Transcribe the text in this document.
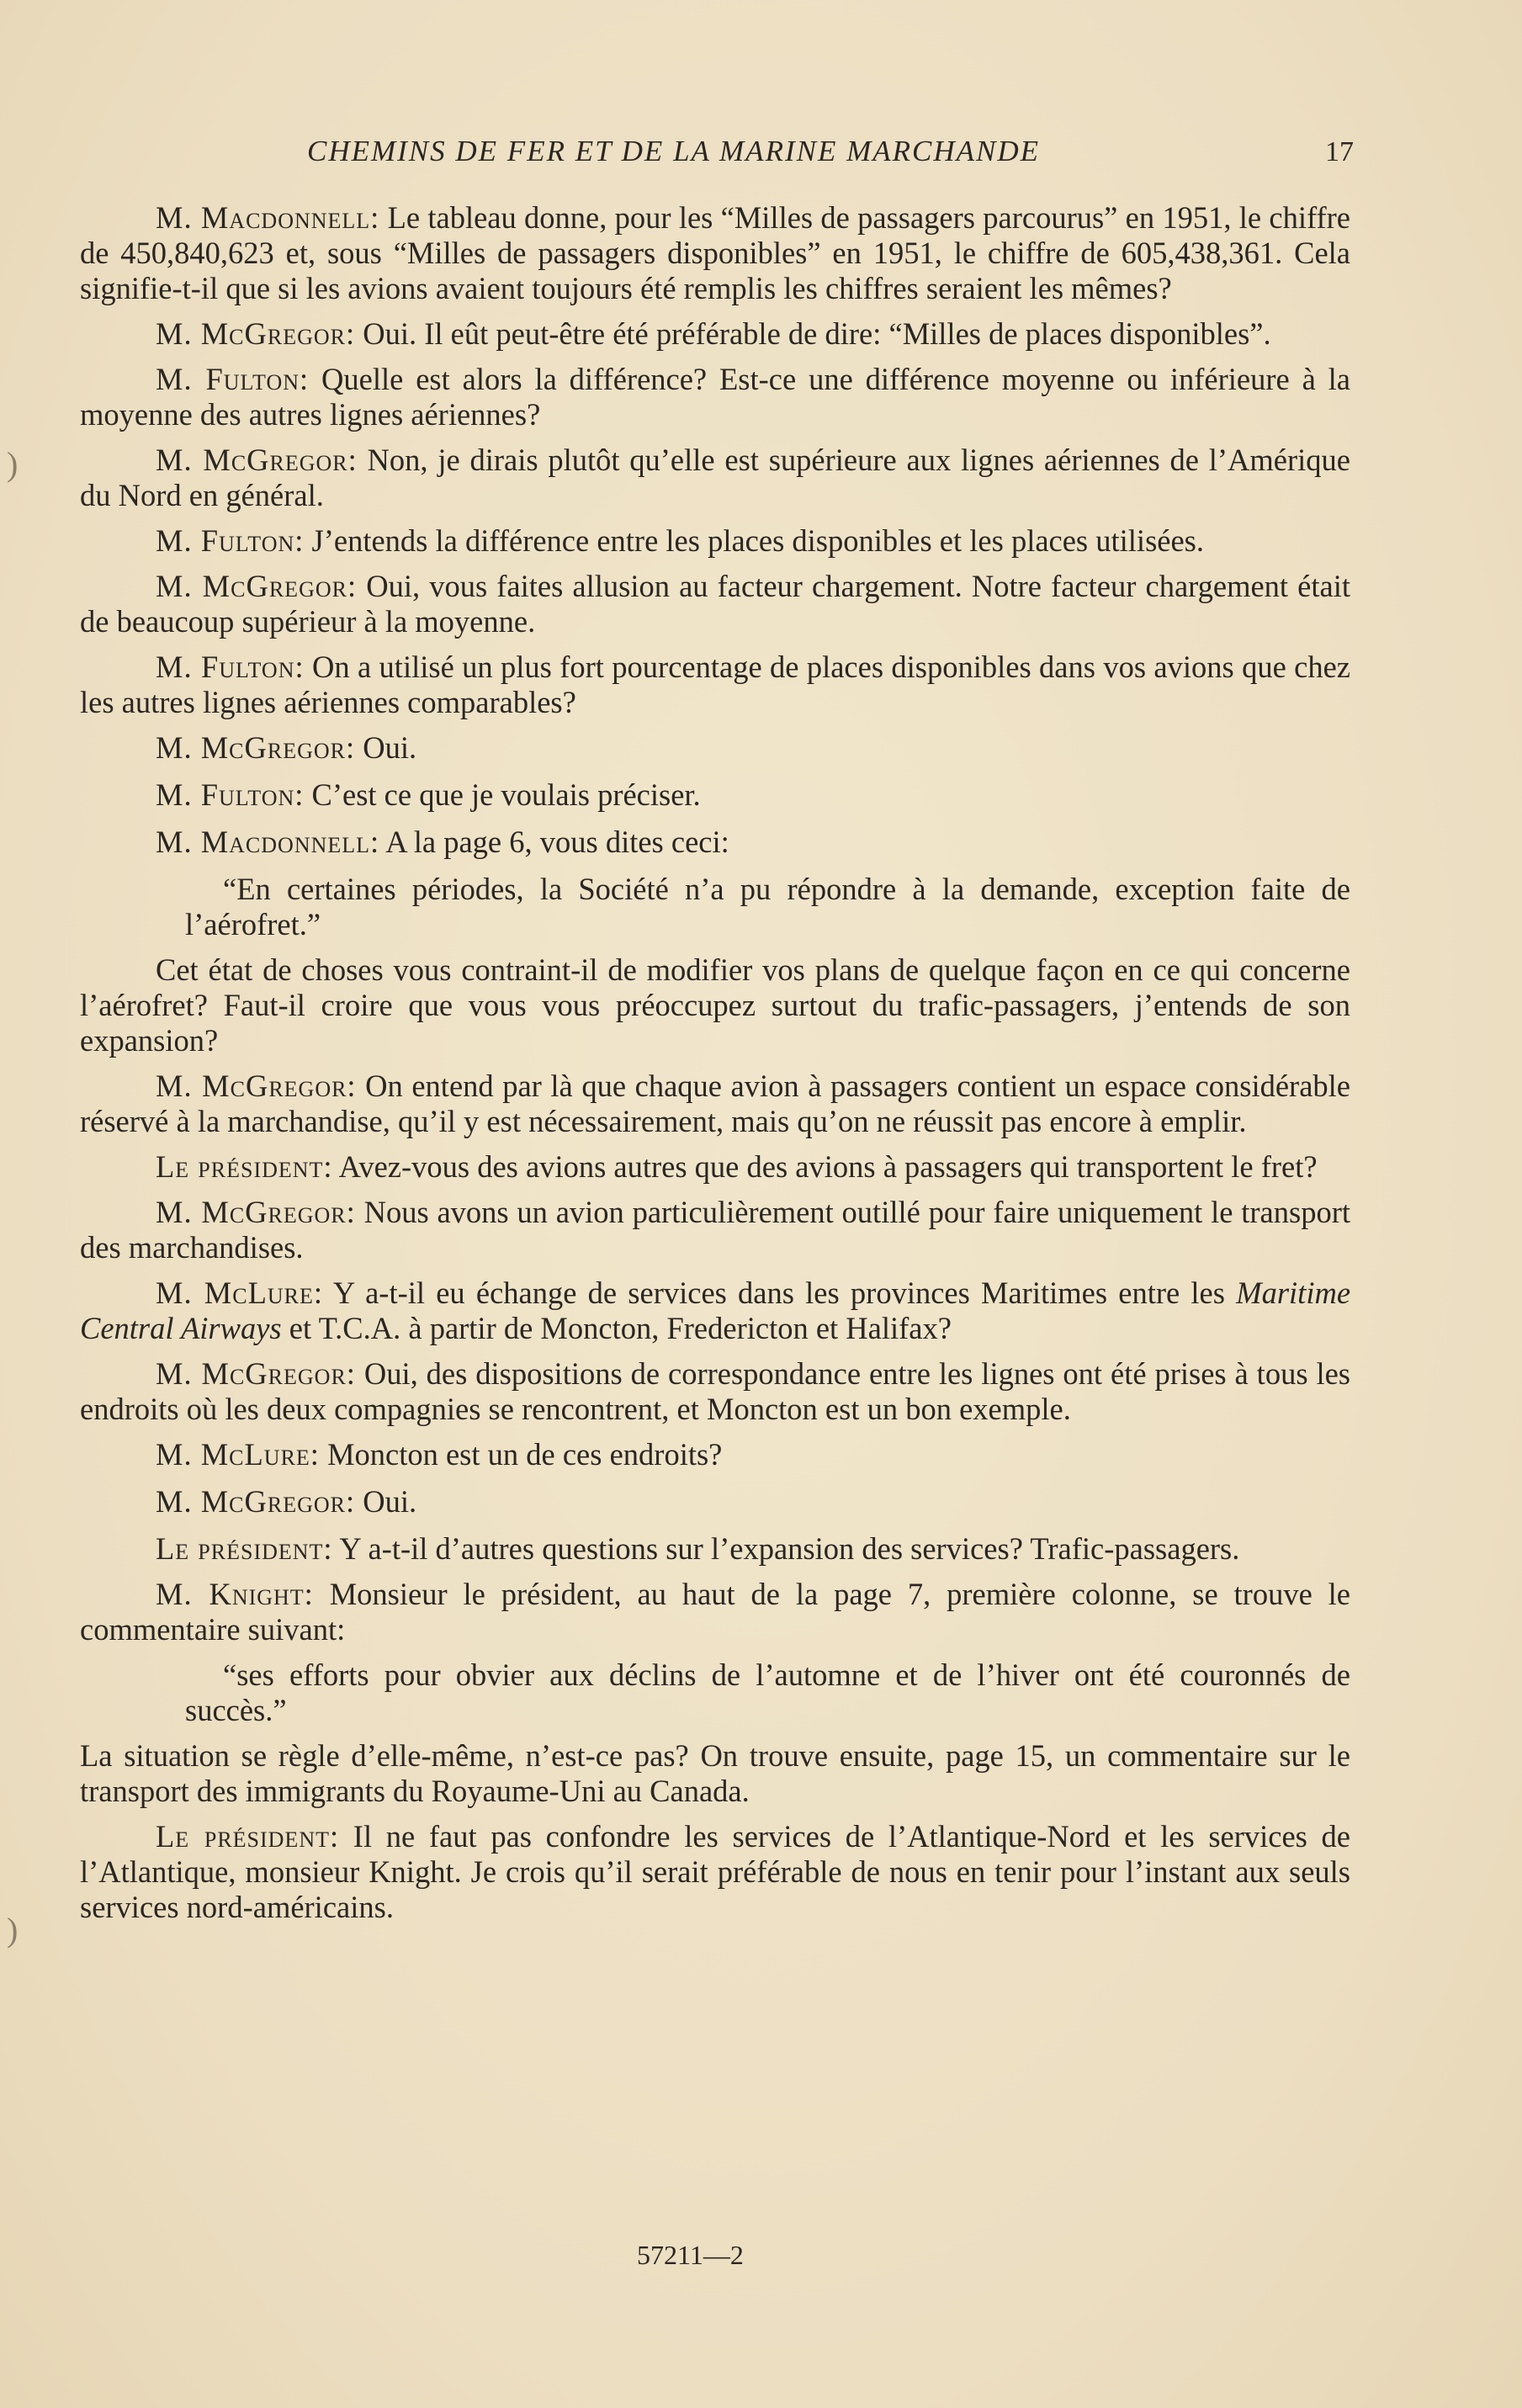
CHEMINS DE FER ET DE LA MARINE MARCHANDE	17
)
)

M. Macdonnell: Le tableau donne, pour les “Milles de passagers parcourus” en 1951, le chiffre de 450,840,623 et, sous “Milles de passagers disponibles” en 1951, le chiffre de 605,438,361. Cela signifie-t-il que si les avions avaient toujours été remplis les chiffres seraient les mêmes?

M. McGregor: Oui. Il eût peut-être été préférable de dire: “Milles de places disponibles”.

M. Fulton: Quelle est alors la différence? Est-ce une différence moyenne ou inférieure à la moyenne des autres lignes aériennes?

M. McGregor: Non, je dirais plutôt qu’elle est supérieure aux lignes aériennes de l’Amérique du Nord en général.

M. Fulton: J’entends la différence entre les places disponibles et les places utilisées.

M. McGregor: Oui, vous faites allusion au facteur chargement. Notre facteur chargement était de beaucoup supérieur à la moyenne.

M. Fulton: On a utilisé un plus fort pourcentage de places disponibles dans vos avions que chez les autres lignes aériennes comparables?

M. McGregor: Oui.

M. Fulton: C’est ce que je voulais préciser.

M. Macdonnell: A la page 6, vous dites ceci:

“En certaines périodes, la Société n’a pu répondre à la demande, exception faite de l’aérofret.”

Cet état de choses vous contraint-il de modifier vos plans de quelque façon en ce qui concerne l’aérofret? Faut-il croire que vous vous préoccupez surtout du trafic-passagers, j’entends de son expansion?

M. McGregor: On entend par là que chaque avion à passagers contient un espace considérable réservé à la marchandise, qu’il y est nécessairement, mais qu’on ne réussit pas encore à emplir.

Le président: Avez-vous des avions autres que des avions à passagers qui transportent le fret?

M. McGregor: Nous avons un avion particulièrement outillé pour faire uniquement le transport des marchandises.

M. McLure: Y a-t-il eu échange de services dans les provinces Maritimes entre les Maritime Central Airways et T.C.A. à partir de Moncton, Fredericton et Halifax?

M. McGregor: Oui, des dispositions de correspondance entre les lignes ont été prises à tous les endroits où les deux compagnies se rencontrent, et Moncton est un bon exemple.

M. McLure: Moncton est un de ces endroits?

M. McGregor: Oui.

Le président: Y a-t-il d’autres questions sur l’expansion des services? Trafic-passagers.

M. Knight: Monsieur le président, au haut de la page 7, première colonne, se trouve le commentaire suivant:

“ses efforts pour obvier aux déclins de l’automne et de l’hiver ont été couronnés de succès.”

La situation se règle d’elle-même, n’est-ce pas? On trouve ensuite, page 15, un commentaire sur le transport des immigrants du Royaume-Uni au Canada.

Le président: Il ne faut pas confondre les services de l’Atlantique-Nord et les services de l’Atlantique, monsieur Knight. Je crois qu’il serait préférable de nous en tenir pour l’instant aux seuls services nord-américains.

57211—2
